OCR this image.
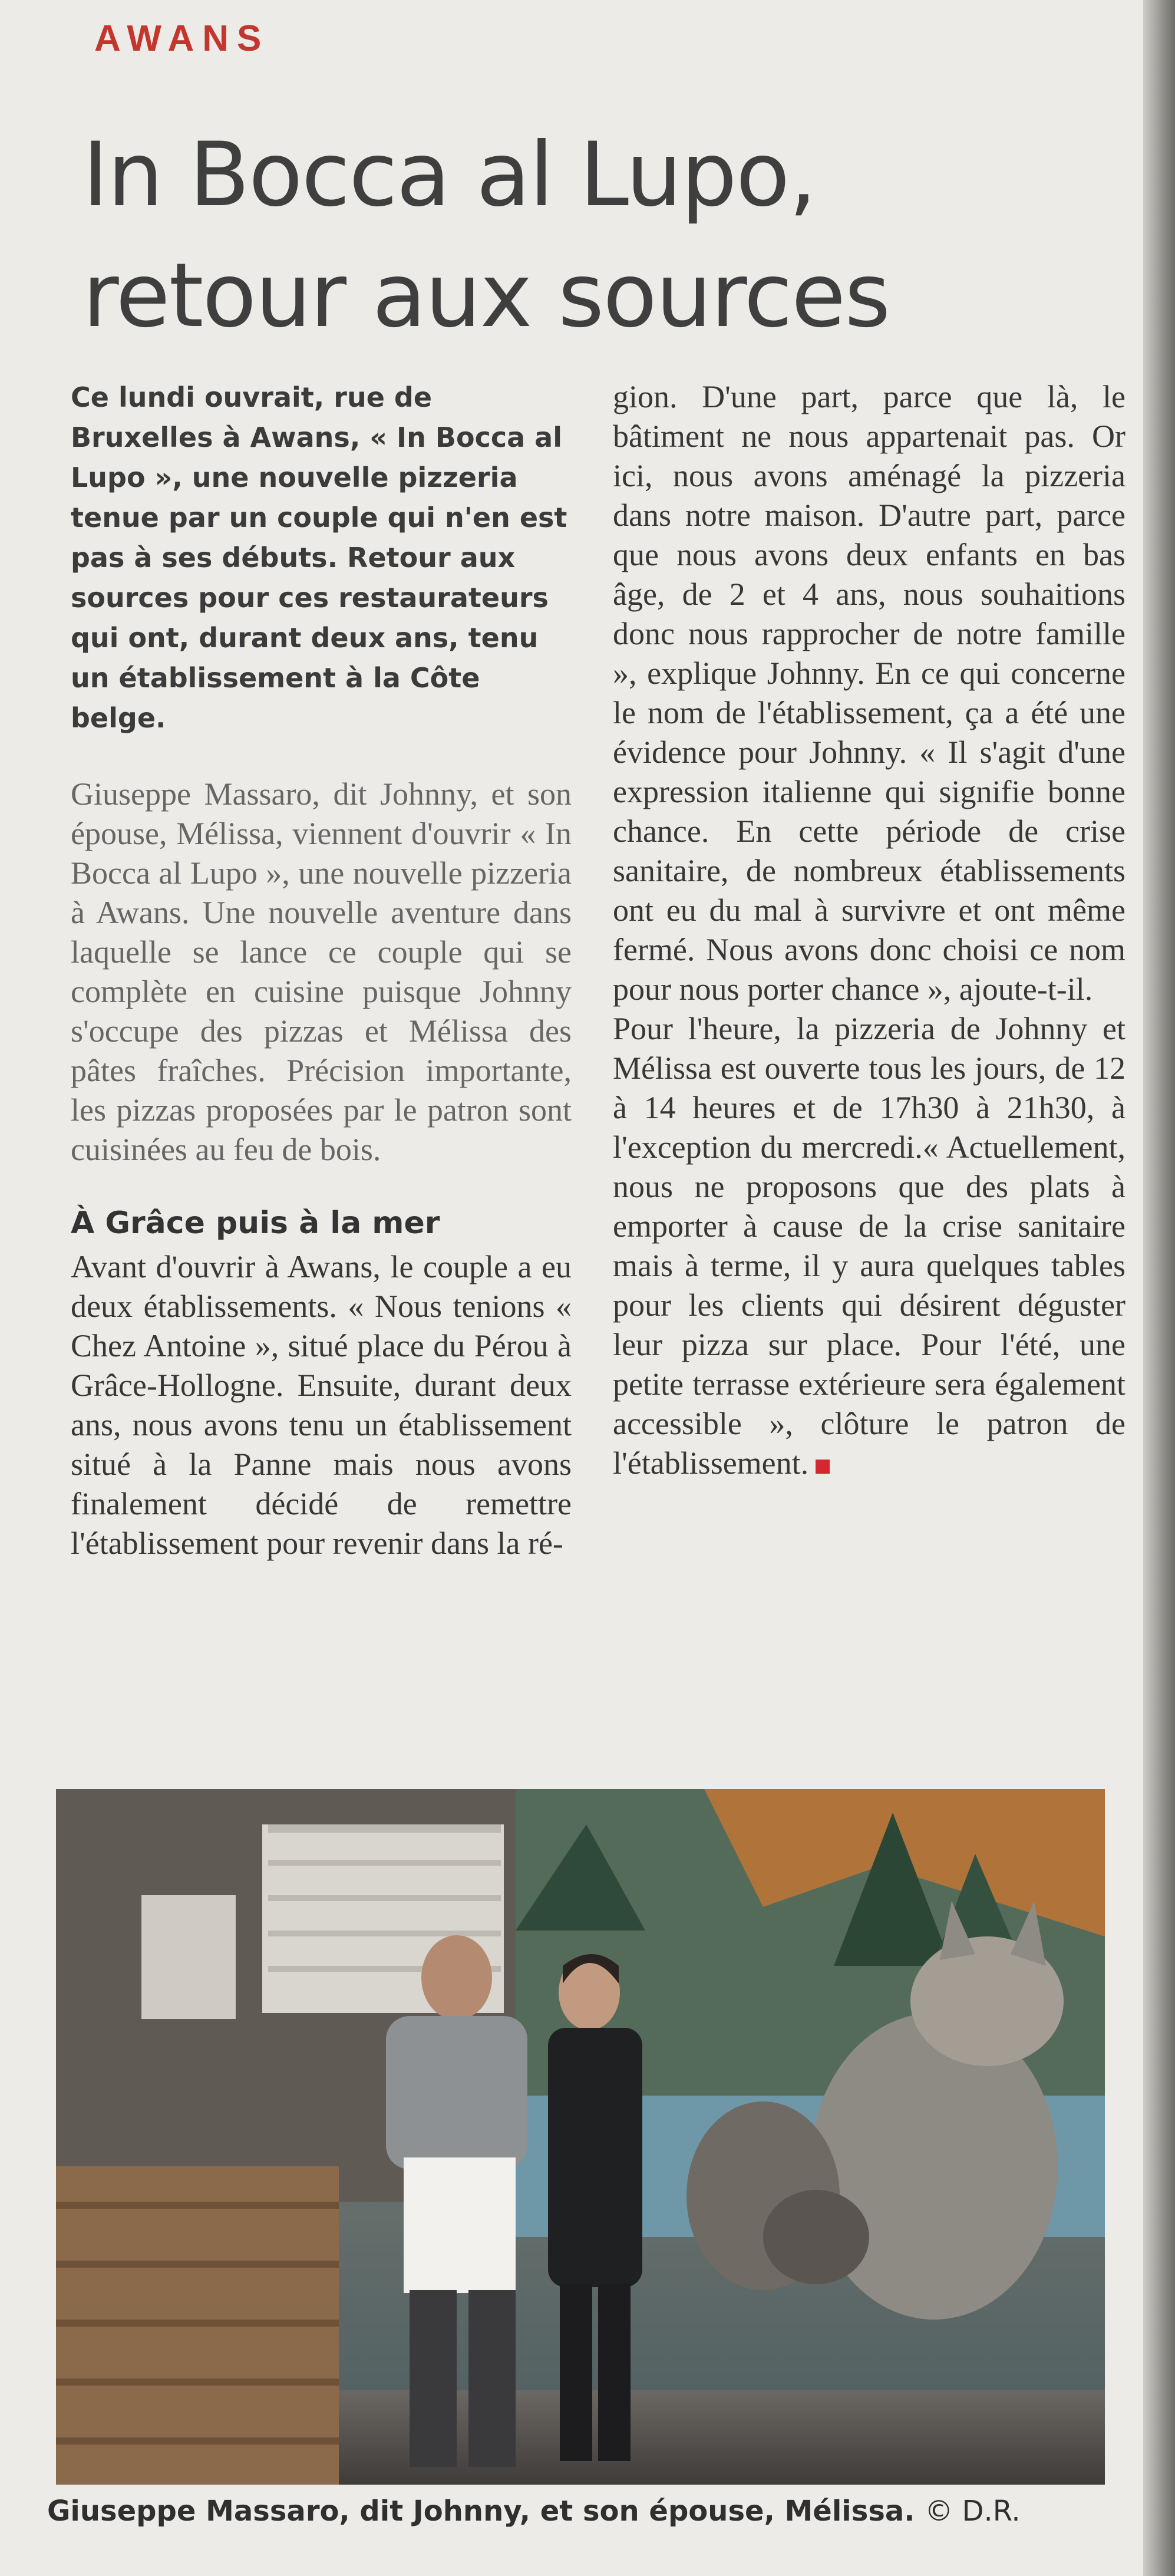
AWANS
In Bocca al Lupo,
retour aux sources

Ce lundi ouvrait, rue de Bruxelles à Awans, « In Bocca al Lupo », une nouvelle pizzeria tenue par un couple qui n'en est pas à ses débuts. Retour aux sources pour ces restaurateurs qui ont, durant deux ans, tenu un établissement à la Côte belge.

Giuseppe Massaro, dit Johnny, et son épouse, Mélissa, viennent d'ouvrir « In Bocca al Lupo », une nouvelle pizzeria à Awans. Une nouvelle aventure dans laquelle se lance ce couple qui se complète en cuisine puisque Johnny s'occupe des pizzas et Mélissa des pâtes fraîches. Précision importante, les pizzas proposées par le patron sont cuisinées au feu de bois.

À Grâce puis à la mer

Avant d'ouvrir à Awans, le couple a eu deux établissements. « Nous tenions « Chez Antoine », situé place du Pérou à Grâce-Hollogne. Ensuite, durant deux ans, nous avons tenu un établissement situé à la Panne mais nous avons finalement décidé de remettre l'établissement pour revenir dans la ré-

gion. D'une part, parce que là, le bâtiment ne nous appartenait pas. Or ici, nous avons aménagé la pizzeria dans notre maison. D'autre part, parce que nous avons deux enfants en bas âge, de 2 et 4 ans, nous souhaitions donc nous rapprocher de notre famille », explique Johnny. En ce qui concerne le nom de l'établissement, ça a été une évidence pour Johnny. « Il s'agit d'une expression italienne qui signifie bonne chance. En cette période de crise sanitaire, de nombreux établissements ont eu du mal à survivre et ont même fermé. Nous avons donc choisi ce nom pour nous porter chance », ajoute-t-il.

Pour l'heure, la pizzeria de Johnny et Mélissa est ouverte tous les jours, de 12 à 14 heures et de 17h30 à 21h30, à l'exception du mercredi.« Actuellement, nous ne proposons que des plats à emporter à cause de la crise sanitaire mais à terme, il y aura quelques tables pour les clients qui désirent déguster leur pizza sur place. Pour l'été, une petite terrasse extérieure sera également accessible », clôture le patron de l'établissement.

Giuseppe Massaro, dit Johnny, et son épouse, Mélissa. © D.R.
